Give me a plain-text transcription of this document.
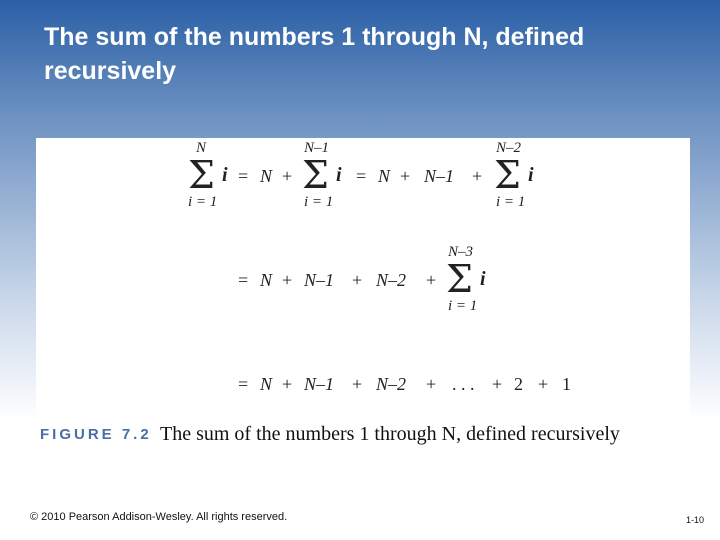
The sum of the numbers 1 through N, defined recursively
N
Σ
i = 1
i = N +
N–1
Σ
i = 1
i = N + N–1 +
N–2
Σ
i = 1
i
= N + N–1 + N–2 +
N–3
Σ
i = 1
i
= N + N–1 + N–2 + . . . + 2 + 1
FIGURE 7.2 The sum of the numbers 1 through N, defined recursively
© 2010 Pearson Addison-Wesley. All rights reserved.	1-10
